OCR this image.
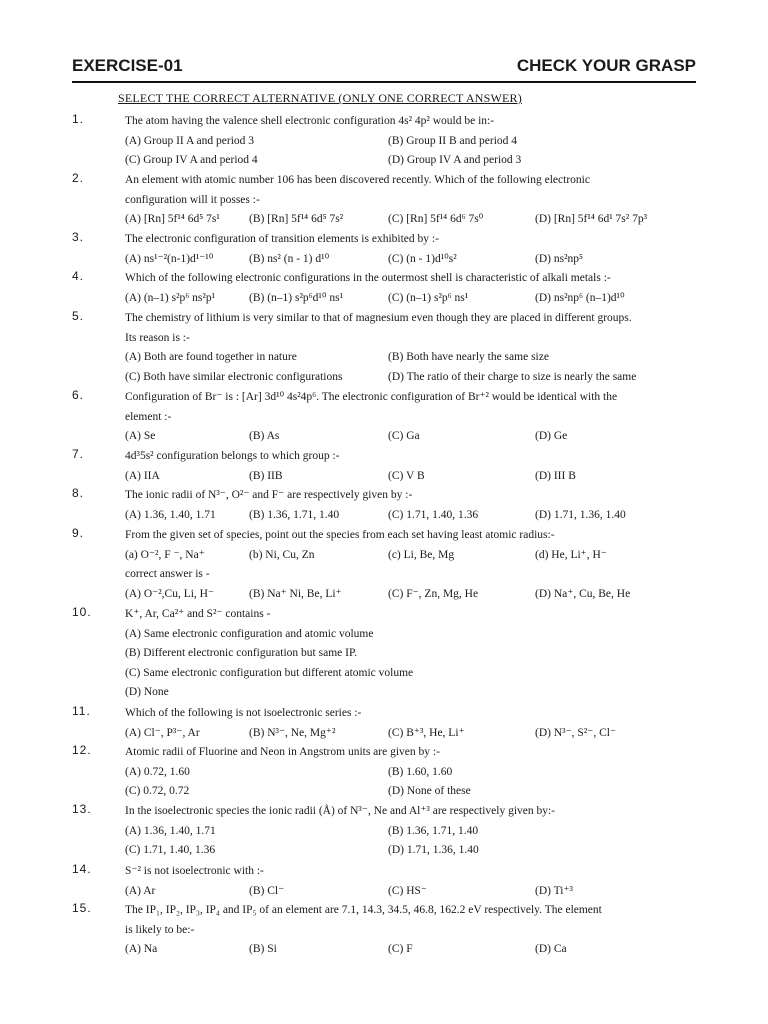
EXERCISE-01	CHECK YOUR GRASP
SELECT THE CORRECT ALTERNATIVE (ONLY ONE CORRECT ANSWER)
1.	The atom having the valence shell electronic configuration 4s² 4p² would be in:-
(A) Group II A and period 3	(B) Group II B and period 4
(C) Group IV A and period 4	(D) Group IV A and period 3
2.	An element with atomic number 106 has been discovered recently. Which of the following electronic
configuration will it posses :-
(A) [Rn] 5f¹⁴ 6d⁵ 7s¹	(B) [Rn] 5f¹⁴ 6d⁵ 7s²	(C) [Rn] 5f¹⁴ 6d⁶ 7s⁰	(D) [Rn] 5f¹⁴ 6d¹ 7s² 7p³
3.	The electronic configuration of transition elements is exhibited by :-
(A) ns¹⁻²(n-1)d¹⁻¹⁰	(B) ns² (n - 1) d¹⁰	(C) (n - 1)d¹⁰s²	(D) ns²np⁵
4.	Which of the following electronic configurations in the outermost shell is characteristic of alkali metals :-
(A) (n–1) s²p⁶ ns²p¹	(B) (n–1) s²p⁶d¹⁰ ns¹	(C) (n–1) s²p⁶ ns¹	(D) ns²np⁶ (n–1)d¹⁰
5.	The chemistry of lithium is very similar to that of magnesium even though they are placed in different groups.
Its reason is :-
(A) Both are found together in nature	(B) Both have nearly the same size
(C) Both have similar electronic configurations	(D) The ratio of their charge to size is nearly the same
6.	Configuration of Br⁻ is : [Ar] 3d¹⁰ 4s²4p⁶. The electronic configuration of Br⁺² would be identical with the
element :-
(A) Se	(B) As	(C) Ga	(D) Ge
7.	4d³5s² configuration belongs to which group :-
(A) IIA	(B) IIB	(C) V B	(D) III B
8.	The ionic radii of N³⁻, O²⁻ and F⁻ are respectively given by :-
(A) 1.36, 1.40, 1.71	(B) 1.36, 1.71, 1.40	(C) 1.71, 1.40, 1.36	(D) 1.71, 1.36, 1.40
9.	From the given set of species, point out the species from each set having least atomic radius:-
(a) O⁻², F ⁻, Na⁺	(b) Ni, Cu, Zn	(c) Li, Be, Mg	(d) He, Li⁺, H⁻
correct answer is -
(A) O⁻²,Cu, Li, H⁻	(B) Na⁺ Ni, Be, Li⁺	(C) F⁻, Zn, Mg, He	(D) Na⁺, Cu, Be, He
10.	K⁺, Ar, Ca²⁺ and S²⁻ contains -
(A) Same electronic configuration and atomic volume
(B) Different electronic configuration but same IP.
(C) Same electronic configuration but different atomic volume
(D) None
11.	Which of the following is not isoelectronic series :-
(A) Cl⁻, P³⁻, Ar	(B) N³⁻, Ne, Mg⁺²	(C) B⁺³, He, Li⁺	(D) N³⁻, S²⁻, Cl⁻
12.	Atomic radii of Fluorine and Neon in Angstrom units are given by :-
(A) 0.72, 1.60	(B) 1.60, 1.60
(C) 0.72, 0.72	(D) None of these
13.	In the isoelectronic species the ionic radii (Å) of N³⁻, Ne and Al⁺³ are respectively given by:-
(A) 1.36, 1.40, 1.71	(B) 1.36, 1.71, 1.40
(C) 1.71, 1.40, 1.36	(D) 1.71, 1.36, 1.40
14.	S⁻² is not isoelectronic with :-
(A) Ar	(B) Cl⁻	(C) HS⁻	(D) Ti⁺³
15.	The IP₁, IP₂, IP₃, IP₄ and IP₅ of an element are 7.1, 14.3, 34.5, 46.8, 162.2 eV respectively. The element
is likely to be:-
(A) Na	(B) Si	(C) F	(D) Ca
